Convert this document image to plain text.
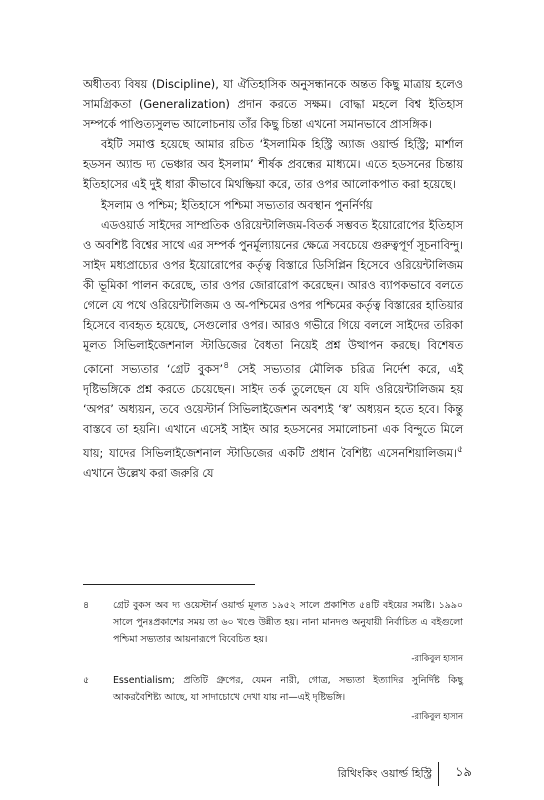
অধীতব্য বিষয় (Discipline), যা ঐতিহাসিক অনুসন্ধানকে অন্তত কিছু মাত্রায় হলেও সামগ্রিকতা (Generalization) প্রদান করতে সক্ষম। বোদ্ধা মহলে বিশ্ব ইতিহাস সম্পর্কে পাণ্ডিত্যসুলভ আলোচনায় তাঁর কিছু চিন্তা এখনো সমানভাবে প্রাসঙ্গিক।

বইটি সমাপ্ত হয়েছে আমার রচিত ‘ইসলামিক হিস্ট্রি অ্যাজ ওয়ার্ল্ড হিস্ট্রি; মার্শাল হডসন অ্যান্ড দ্য ভেঞ্চার অব ইসলাম’ শীর্ষক প্রবন্ধের মাধ্যমে। এতে হডসনের চিন্তায় ইতিহাসের এই দুই ধারা কীভাবে মিথষ্ক্রিয়া করে, তার ওপর আলোকপাত করা হয়েছে।

ইসলাম ও পশ্চিম; ইতিহাসে পশ্চিমা সভ্যতার অবস্থান পুনর্নির্ণয়

এডওয়ার্ড সাইদের সাম্প্রতিক ওরিয়েন্টালিজম-বিতর্ক সম্ভবত ইয়োরোপের ইতিহাস ও অবশিষ্ট বিশ্বের সাথে এর সম্পর্ক পুনর্মূল্যায়নের ক্ষেত্রে সবচেয়ে গুরুত্বপূর্ণ সূচনাবিন্দু। সাইদ মধ্যপ্রাচ্যের ওপর ইয়োরোপের কর্তৃত্ব বিস্তারে ডিসিপ্লিন হিসেবে ওরিয়েন্টালিজম কী ভূমিকা পালন করেছে, তার ওপর জোরারোপ করেছেন। আরও ব্যাপকভাবে বলতে গেলে যে পথে ওরিয়েন্টালিজম ও অ-পশ্চিমের ওপর পশ্চিমের কর্তৃত্ব বিস্তারের হাতিয়ার হিসেবে ব্যবহৃত হয়েছে, সেগুলোর ওপর। আরও গভীরে গিয়ে বললে সাইদের তরিকা মূলত সিভিলাইজেশনাল স্টাডিজের বৈধতা নিয়েই প্রশ্ন উত্থাপন করছে। বিশেষত কোনো সভ্যতার ‘গ্রেট বুকস’$^৪$ সেই সভ্যতার মৌলিক চরিত্র নির্দেশ করে, এই দৃষ্টিভঙ্গিকে প্রশ্ন করতে চেয়েছেন। সাইদ তর্ক তুলেছেন যে যদি ওরিয়েন্টালিজম হয় ‘অপর’ অধ্যয়ন, তবে ওয়েস্টার্ন সিভিলাইজেশন অবশ্যই ‘স্ব’ অধ্যয়ন হতে হবে। কিন্তু বাস্তবে তা হয়নি। এখানে এসেই সাইদ আর হডসনের সমালোচনা এক বিন্দুতে মিলে যায়; যাদের সিভিলাইজেশনাল স্টাডিজের একটি প্রধান বৈশিষ্ট্য এসেনশিয়ালিজম।$^৫$ এখানে উল্লেখ করা জরুরি যে

৪	গ্রেট বুকস অব দ্য ওয়েস্টার্ন ওয়ার্ল্ড মূলত ১৯৫২ সালে প্রকাশিত ৫৪টি বইয়ের সমষ্টি। ১৯৯০ সালে পুনঃপ্রকাশের সময় তা ৬০ খণ্ডে উন্নীত হয়। নানা মানদণ্ড অনুযায়ী নির্বাচিত এ বইগুলো পশ্চিমা সভ্যতার আয়নারূপে বিবেচিত হয়।
-রাকিবুল হাসান
৫	Essentialism; প্রতিটি গ্রুপের, যেমন নারী, গোত্র, সভ্যতা ইত্যাদির সুনির্দিষ্ট কিছু আকরবৈশিষ্ট্য আছে, যা সাদাচোখে দেখা যায় না—এই দৃষ্টিভঙ্গি।
-রাকিবুল হাসান
রিথিংকিং ওয়ার্ল্ড হিস্ট্রি ১৯
